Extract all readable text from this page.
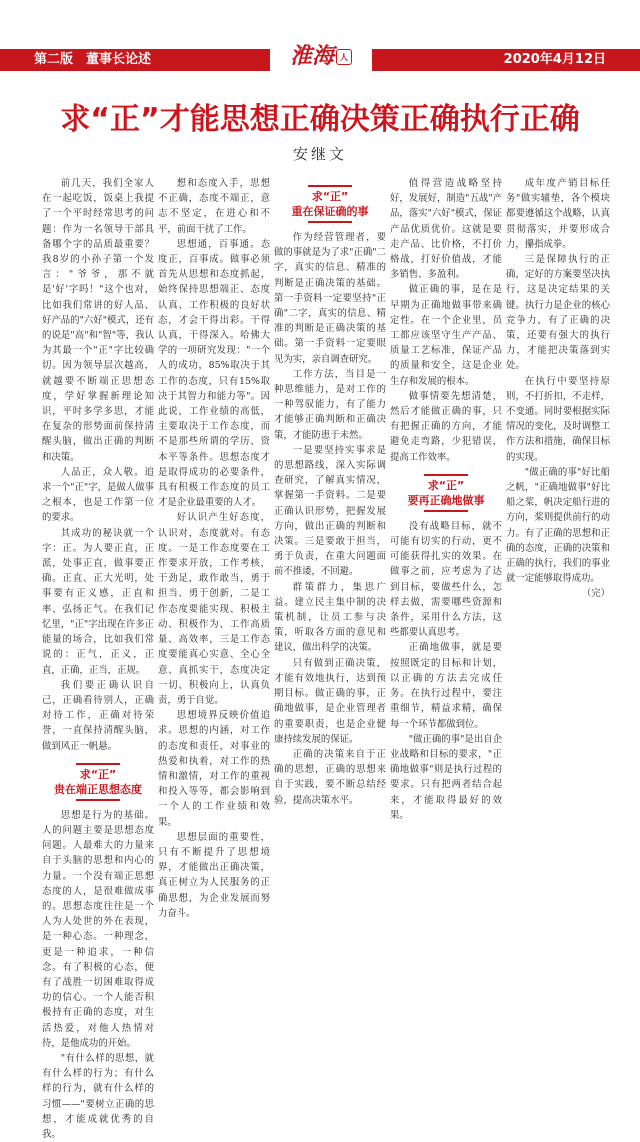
第二版　董事长论述	淮海 人	2020年4月12日
求“正”才能思想正确决策正确执行正确
安继文

前几天，我们全家人在一起吃饭，饭桌上我提了一个平时经常思考的问题：作为一名领导干部具备哪个字的品质最重要？我8岁的小孙子第一个发言："爷爷，那不就是'好'字吗！"这个也对，比如我们常讲的好人品、好产品的"六好"模式，还有的说是"高"和"智"等，我认为其最一个"正"字比较确切。因为领导层次越高，就越要不断端正思想态度，学好掌握新理论知识，平时多学多思，才能在复杂的形势面前保持清醒头脑，做出正确的判断和决策。

人品正，众人敬。追求一个"正"字，是做人做事之根本，也是工作第一位的要求。

其成功的秘诀就一个字：正。为人要正直，正派，处事正直，做事要正确。正直、正大光明，处事要有正义感，正直和率、弘扬正气。在我们记忆里，"正"字出现在许多正能量的场合，比如我们常说的：正气，正义，正直，正确，正当，正规。

我们要正确认识自己，正确看待别人，正确对待工作，正确对待荣誉，一直保持清醒头脑，做到风正一帆悬。

求“正”
贵在端正思想态度

思想是行为的基础。人的问题主要是思想态度问题。人最难大的力量来自于头脑的思想和内心的力量。一个没有端正思想态度的人，是很难做成事的。思想态度往往是一个人为人处世的外在表现，是一种心态。一种理念，更是一种追求，一种信念。有了积极的心态，便有了战胜一切困难取得成功的信心。一个人能否积极持有正确的态度，对生活热爱，对他人热情对待，是他成功的开始。

"有什么样的思想，就有什么样的行为；有什么样的行为，就有什么样的习惯——"要树立正确的思想，才能成就优秀的自我。

想和态度入手，思想不正确，态度不端正，意志不坚定，在进心和不平，前面干扰了工作。

思想通，百事通。态度正，百事成。做事必须首先从思想和态度抓起，始终保持思想端正、态度认真、工作积极的良好状态，才会干得出彩。干得认真，干得深入。哈佛大学的一项研究发现："一个人的成功，85%取决于其工作的态度，只有15%取决于其智力和能力等"。因此说，工作业绩的高低，主要取决于工作态度，而不是那些所谓的学历、资本平等条件。思想态度才是取得成功的必要条件，具有积极工作态度的员工才是企业最重要的人才。

好认识产生好态度，认识对，态度就对。有态度。一是工作态度要在工作要求开放，工作考核，干劲足，敢作敢当，勇于担当、勇于创新，二是工作态度要能实现、积极主动、积极作为、工作高质量、高效率，三是工作态度要能真心实意、全心全意、真抓实干，态度决定一切、积极向上，认真负责，勇于自觉。

思想境界反映价值追求。思想的内涵，对工作的态度和责任，对事业的热爱和执着，对工作的热情和激情，对工作的重视和投入等等，都会影响到一个人的工作业绩和效果。

思想层面的重要性，只有不断提升了思想境界，才能做出正确决策，真正树立为人民服务的正确思想，为企业发展而努力奋斗。

求“正”
重在保证确的事

作为经营管理者，要做的事就是为了求"正确"二字，真实的信息、精准的判断是正确决策的基础。第一手资料一定要坚持"正确"二字，真实的信息、精准的判断是正确决策的基础。第一手资料一定要眼见为实，亲自调查研究。

工作方法，当目是一种思维能力，是对工作的一种驾驭能力，有了能力才能够正确判断和正确决策，才能防患于未然。

一是要坚持实事求是的思想路线，深入实际调查研究，了解真实情况，掌握第一手资料。二是要正确认识形势，把握发展方向，做出正确的判断和决策。三是要敢于担当，勇于负责，在重大问题面前不推诿，不回避。

群策群力，集思广益。建立民主集中制的决策机制，让员工参与决策，听取各方面的意见和建议，做出科学的决策。

只有做到正确决策，才能有效地执行，达到预期目标。做正确的事，正确地做事，是企业管理者的重要职责，也是企业健康持续发展的保证。

正确的决策来自于正确的思想，正确的思想来自于实践，要不断总结经验，提高决策水平。

值得营造战略坚持好，发展好，制造"五战"产品，落实"六好"模式，保证产品优质优价。这就是要走产品、比价格，不打价格战，打好价值战，才能多销售、多盈利。

做正确的事，是在是早期为正确地做事带来确定性。在一个企业里，员工都应该坚守生产产品、质量工艺标准，保证产品的质量和安全，这是企业生存和发展的根本。

做事情要先想清楚，然后才能做正确的事，只有把握正确的方向，才能避免走弯路，少犯错误，提高工作效率。

求“正”
要再正确地做事

没有战略目标，就不可能有切实的行动，更不可能获得扎实的效果。在做事之前，应考虑为了达到目标，要做些什么，怎样去做，需要哪些资源和条件，采用什么方法，这些都要认真思考。

正确地做事，就是要按照既定的目标和计划，以正确的方法去完成任务。在执行过程中，要注重细节，精益求精，确保每一个环节都做到位。

"做正确的事"是出自企业战略和目标的要求，"正确地做事"则是执行过程的要求。只有把两者结合起来，才能取得最好的效果。

成年度产销目标任务"做实辅垫，各个模块都要遵循这个战略，认真贯彻落实，并要形成合力，攥指成拳。

三是保障执行的正确，定好的方案要坚决执行，这是决定结果的关键。执行力是企业的核心竞争力，有了正确的决策，还要有强大的执行力，才能把决策落到实处。

在执行中要坚持原则，不打折扣，不走样，不变通。同时要根据实际情况的变化，及时调整工作方法和措施，确保目标的实现。

"做正确的事"好比船之帆，"正确地做事"好比船之桨，帆决定船行进的方向，桨则提供前行的动力。有了正确的思想和正确的态度，正确的决策和正确的执行，我们的事业就一定能够取得成功。

（完）
